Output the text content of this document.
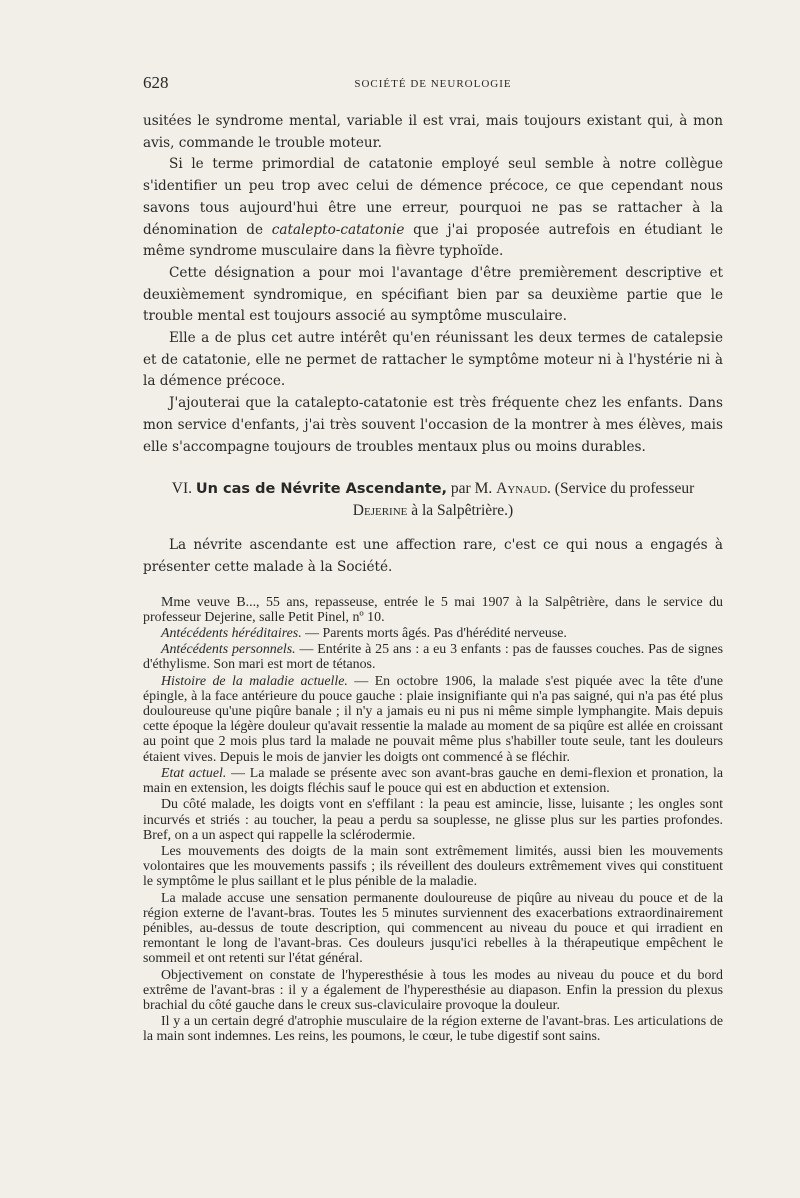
628	SOCIÉTÉ DE NEUROLOGIE

usitées le syndrome mental, variable il est vrai, mais toujours existant qui, à mon avis, commande le trouble moteur.

Si le terme primordial de catatonie employé seul semble à notre collègue s'identifier un peu trop avec celui de démence précoce, ce que cependant nous savons tous aujourd'hui être une erreur, pourquoi ne pas se rattacher à la dénomination de catalepto-catatonie que j'ai proposée autrefois en étudiant le même syndrome musculaire dans la fièvre typhoïde.

Cette désignation a pour moi l'avantage d'être premièrement descriptive et deuxièmement syndromique, en spécifiant bien par sa deuxième partie que le trouble mental est toujours associé au symptôme musculaire.

Elle a de plus cet autre intérêt qu'en réunissant les deux termes de catalepsie et de catatonie, elle ne permet de rattacher le symptôme moteur ni à l'hystérie ni à la démence précoce.

J'ajouterai que la catalepto-catatonie est très fréquente chez les enfants. Dans mon service d'enfants, j'ai très souvent l'occasion de la montrer à mes élèves, mais elle s'accompagne toujours de troubles mentaux plus ou moins durables.

VI. Un cas de Névrite Ascendante, par M. Aynaud. (Service du professeur
Dejerine à la Salpêtrière.)

La névrite ascendante est une affection rare, c'est ce qui nous a engagés à présenter cette malade à la Société.

Mme veuve B..., 55 ans, repasseuse, entrée le 5 mai 1907 à la Salpêtrière, dans le service du professeur Dejerine, salle Petit Pinel, nº 10.

Antécédents héréditaires. — Parents morts âgés. Pas d'hérédité nerveuse.

Antécédents personnels. — Entérite à 25 ans : a eu 3 enfants : pas de fausses couches. Pas de signes d'éthylisme. Son mari est mort de tétanos.

Histoire de la maladie actuelle. — En octobre 1906, la malade s'est piquée avec la tête d'une épingle, à la face antérieure du pouce gauche : plaie insignifiante qui n'a pas saigné, qui n'a pas été plus douloureuse qu'une piqûre banale ; il n'y a jamais eu ni pus ni même simple lymphangite. Mais depuis cette époque la légère douleur qu'avait ressentie la malade au moment de sa piqûre est allée en croissant au point que 2 mois plus tard la malade ne pouvait même plus s'habiller toute seule, tant les douleurs étaient vives. Depuis le mois de janvier les doigts ont commencé à se fléchir.

Etat actuel. — La malade se présente avec son avant-bras gauche en demi-flexion et pronation, la main en extension, les doigts fléchis sauf le pouce qui est en abduction et extension.

Du côté malade, les doigts vont en s'effilant : la peau est amincie, lisse, luisante ; les ongles sont incurvés et striés : au toucher, la peau a perdu sa souplesse, ne glisse plus sur les parties profondes. Bref, on a un aspect qui rappelle la sclérodermie.

Les mouvements des doigts de la main sont extrêmement limités, aussi bien les mouvements volontaires que les mouvements passifs ; ils réveillent des douleurs extrêmement vives qui constituent le symptôme le plus saillant et le plus pénible de la maladie.

La malade accuse une sensation permanente douloureuse de piqûre au niveau du pouce et de la région externe de l'avant-bras. Toutes les 5 minutes surviennent des exacerbations extraordinairement pénibles, au-dessus de toute description, qui commencent au niveau du pouce et qui irradient en remontant le long de l'avant-bras. Ces douleurs jusqu'ici rebelles à la thérapeutique empêchent le sommeil et ont retenti sur l'état général.

Objectivement on constate de l'hyperesthésie à tous les modes au niveau du pouce et du bord extrême de l'avant-bras : il y a également de l'hyperesthésie au diapason. Enfin la pression du plexus brachial du côté gauche dans le creux sus-claviculaire provoque la douleur.

Il y a un certain degré d'atrophie musculaire de la région externe de l'avant-bras. Les articulations de la main sont indemnes. Les reins, les poumons, le cœur, le tube digestif sont sains.
